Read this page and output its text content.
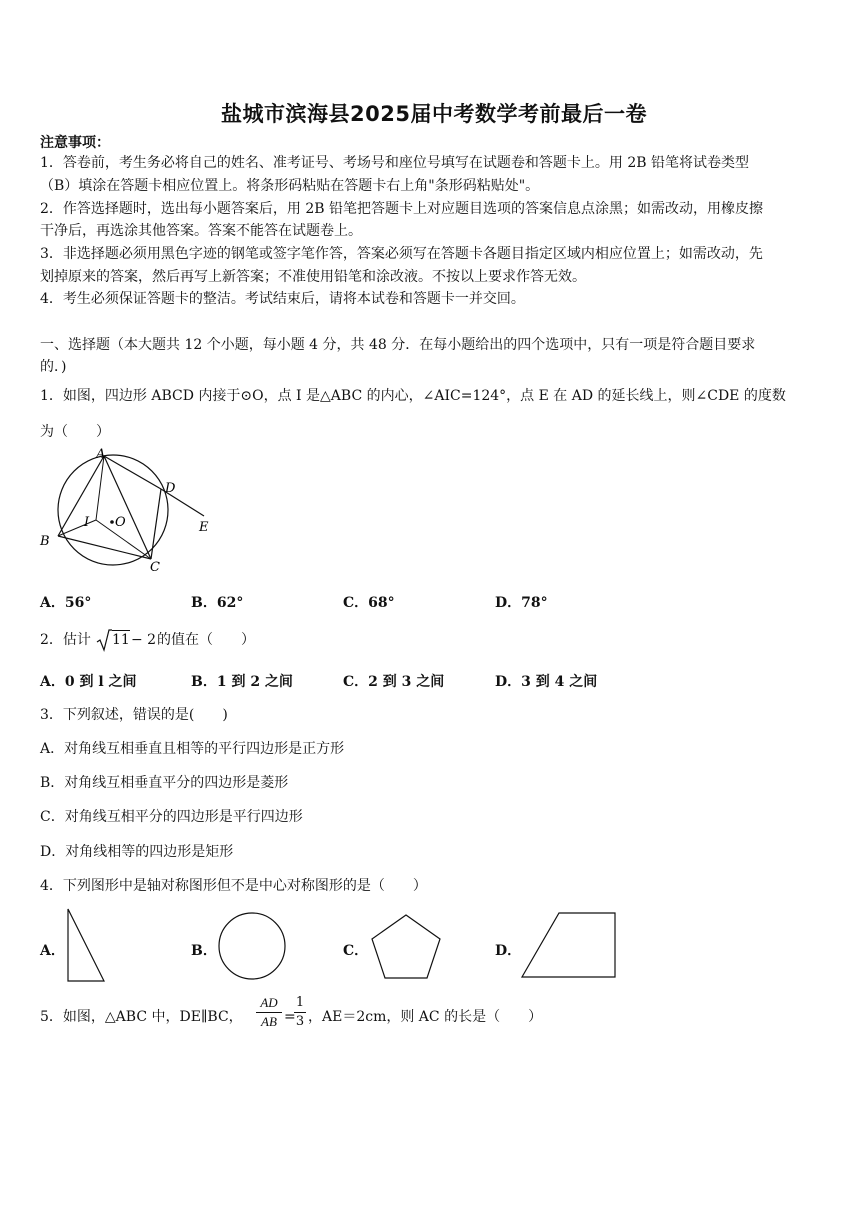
盐城市滨海县2025届中考数学考前最后一卷
注意事项：
1．答卷前，考生务必将自己的姓名、准考证号、考场号和座位号填写在试题卷和答题卡上。用 2B 铅笔将试卷类型
（B）填涂在答题卡相应位置上。将条形码粘贴在答题卡右上角"条形码粘贴处"。
2．作答选择题时，选出每小题答案后，用 2B 铅笔把答题卡上对应题目选项的答案信息点涂黑；如需改动，用橡皮擦
干净后，再选涂其他答案。答案不能答在试题卷上。
3．非选择题必须用黑色字迹的钢笔或签字笔作答，答案必须写在答题卡各题目指定区域内相应位置上；如需改动，先
划掉原来的答案，然后再写上新答案；不准使用铅笔和涂改液。不按以上要求作答无效。
4．考生必须保证答题卡的整洁。考试结束后，请将本试卷和答题卡一并交回。
一、选择题（本大题共 12 个小题，每小题 4 分，共 48 分．在每小题给出的四个选项中，只有一项是符合题目要求
的．)
1．如图，四边形 ABCD 内接于⊙O，点 I 是△ABC 的内心，∠AIC=124°，点 E 在 AD 的延长线上，则∠CDE 的度数
为（　　）
A
D
E
B
C
I O
A．56°	B．62°	C．68°	D．78°
2．估计 11 − 2 的值在（　　）
A．0 到 l 之间	B．1 到 2 之间	C．2 到 3 之间	D．3 到 4 之间
3．下列叙述，错误的是(　　)
A．对角线互相垂直且相等的平行四边形是正方形
B．对角线互相垂直平分的四边形是菱形
C．对角线互相平分的四边形是平行四边形
D．对角线相等的四边形是矩形
4．下列图形中是轴对称图形但不是中心对称图形的是（　　）
A．	B．	C．	D．
5．如图，△ABC 中，DE∥BC，
AD
AB =
1
3 ，AE＝2cm，则 AC 的长是（　　）
